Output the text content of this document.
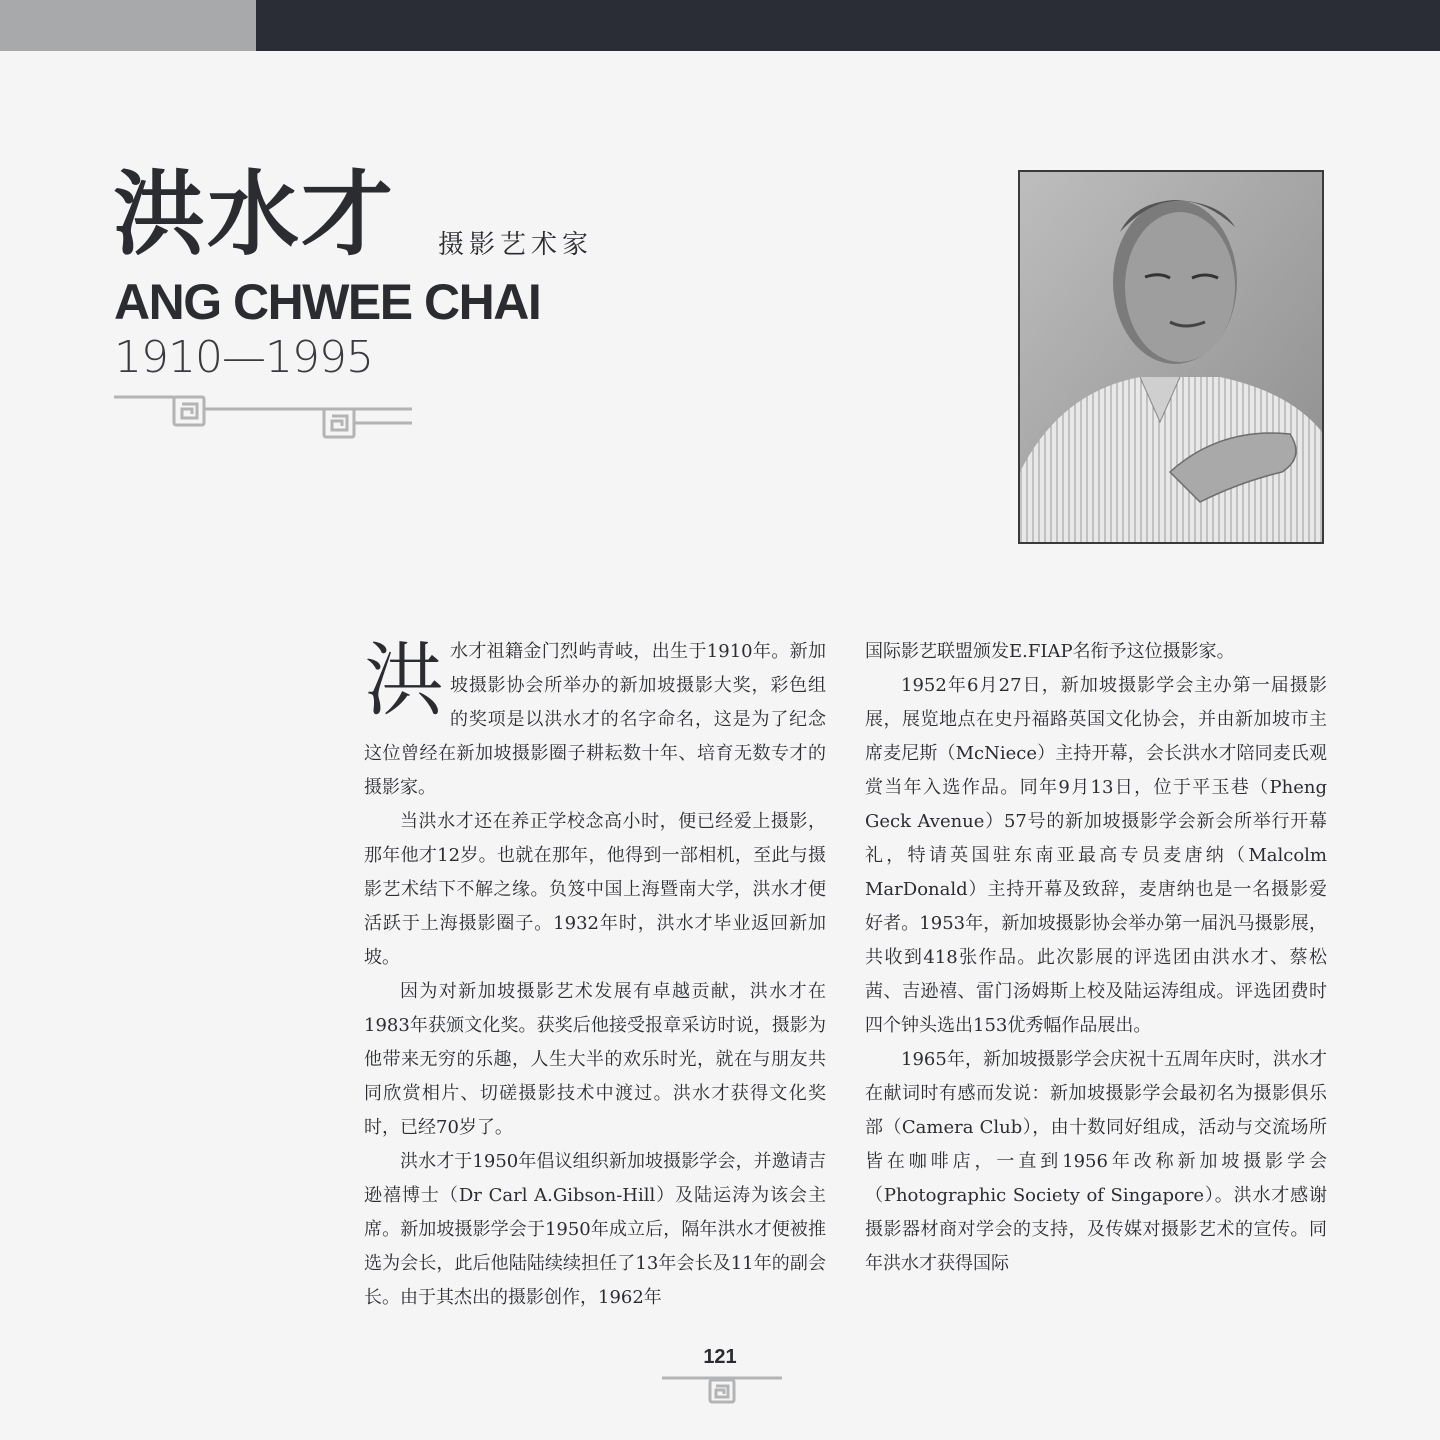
洪水才 摄影艺术家
ANG CHWEE CHAI
1910—1995

洪 水才祖籍金门烈屿青岐，出生于1910年。新加坡摄影协会所举办的新加坡摄影大奖，彩色组的奖项是以洪水才的名字命名，这是为了纪念这位曾经在新加坡摄影圈子耕耘数十年、培育无数专才的摄影家。

当洪水才还在养正学校念高小时，便已经爱上摄影，那年他才12岁。也就在那年，他得到一部相机，至此与摄影艺术结下不解之缘。负笈中国上海暨南大学，洪水才便活跃于上海摄影圈子。1932年时，洪水才毕业返回新加坡。

因为对新加坡摄影艺术发展有卓越贡献，洪水才在1983年获颁文化奖。获奖后他接受报章采访时说，摄影为他带来无穷的乐趣，人生大半的欢乐时光，就在与朋友共同欣赏相片、切磋摄影技术中渡过。洪水才获得文化奖时，已经70岁了。

洪水才于1950年倡议组织新加坡摄影学会，并邀请吉逊禧博士（Dr Carl A.Gibson-Hill）及陆运涛为该会主席。新加坡摄影学会于1950年成立后，隔年洪水才便被推选为会长，此后他陆陆续续担任了13年会长及11年的副会长。由于其杰出的摄影创作，1962年

国际影艺联盟颁发E.FIAP名衔予这位摄影家。

1952年6月27日，新加坡摄影学会主办第一届摄影展，展览地点在史丹福路英国文化协会，并由新加坡市主席麦尼斯（McNiece）主持开幕，会长洪水才陪同麦氏观赏当年入选作品。同年9月13日，位于平玉巷（Pheng Geck Avenue）57号的新加坡摄影学会新会所举行开幕礼，特请英国驻东南亚最高专员麦唐纳（Malcolm MarDonald）主持开幕及致辞，麦唐纳也是一名摄影爱好者。1953年，新加坡摄影协会举办第一届汎马摄影展，共收到418张作品。此次影展的评选团由洪水才、蔡松茜、吉逊禧、雷门汤姆斯上校及陆运涛组成。评选团费时四个钟头选出153优秀幅作品展出。

1965年，新加坡摄影学会庆祝十五周年庆时，洪水才在献词时有感而发说：新加坡摄影学会最初名为摄影俱乐部（Camera Club），由十数同好组成，活动与交流场所皆在咖啡店，一直到1956年改称新加坡摄影学会（Photographic Society of Singapore）。洪水才感谢摄影器材商对学会的支持，及传媒对摄影艺术的宣传。同年洪水才获得国际

121
